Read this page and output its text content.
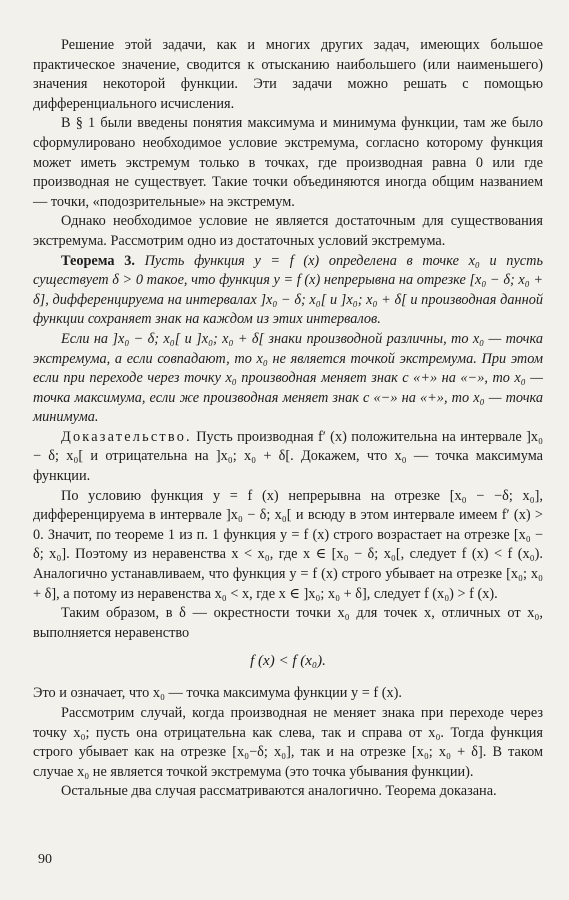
Решение этой задачи, как и многих других задач, имеющих большое практическое значение, сводится к отысканию наибольшего (или наименьшего) значения некоторой функции. Эти задачи можно решать с помощью дифференциального исчисления.

В § 1 были введены понятия максимума и минимума функции, там же было сформулировано необходимое условие экстремума, согласно которому функция может иметь экстремум только в точках, где производная равна 0 или где производная не существует. Такие точки объединяются иногда общим названием — точки, «подозрительные» на экстремум.

Однако необходимое условие не является достаточным для существования экстремума. Рассмотрим одно из достаточных условий экстремума.

Теорема 3. Пусть функция y = f (x) определена в точке x₀ и пусть существует δ > 0 такое, что функция y = f (x) непрерывна на отрезке [x₀ − δ; x₀ + δ], дифференцируема на интервалах ]x₀ − δ; x₀[ и ]x₀; x₀ + δ[ и производная данной функции сохраняет знак на каждом из этих интервалов.

Если на ]x₀ − δ; x₀[ и ]x₀; x₀ + δ[ знаки производной различны, то x₀ — точка экстремума, а если совпадают, то x₀ не является точкой экстремума. При этом если при переходе через точку x₀ производная меняет знак с «+» на «−», то x₀ — точка максимума, если же производная меняет знак с «−» на «+», то x₀ — точка минимума.

Доказательство. Пусть производная f′ (x) положительна на интервале ]x₀ − δ; x₀[ и отрицательна на ]x₀; x₀ + δ[. Докажем, что x₀ — точка максимума функции.

По условию функция y = f (x) непрерывна на отрезке [x₀ − −δ; x₀], дифференцируема в интервале ]x₀ − δ; x₀[ и всюду в этом интервале имеем f′ (x) > 0. Значит, по теореме 1 из п. 1 функция y = f (x) строго возрастает на отрезке [x₀ − δ; x₀]. Поэтому из неравенства x < x₀, где x ∈ [x₀ − δ; x₀[, следует f (x) < f (x₀). Аналогично устанавливаем, что функция y = f (x) строго убывает на отрезке [x₀; x₀ + δ], а потому из неравенства x₀ < x, где x ∈ ]x₀; x₀ + δ], следует f (x₀) > f (x).

Таким образом, в δ — окрестности точки x₀ для точек x, отличных от x₀, выполняется неравенство

f (x) < f (x₀).

Это и означает, что x₀ — точка максимума функции y = f (x).

Рассмотрим случай, когда производная не меняет знака при переходе через точку x₀; пусть она отрицательна как слева, так и справа от x₀. Тогда функция строго убывает как на отрезке [x₀−δ; x₀], так и на отрезке [x₀; x₀ + δ]. В таком случае x₀ не является точкой экстремума (это точка убывания функции).

Остальные два случая рассматриваются аналогично. Теорема доказана.

90
